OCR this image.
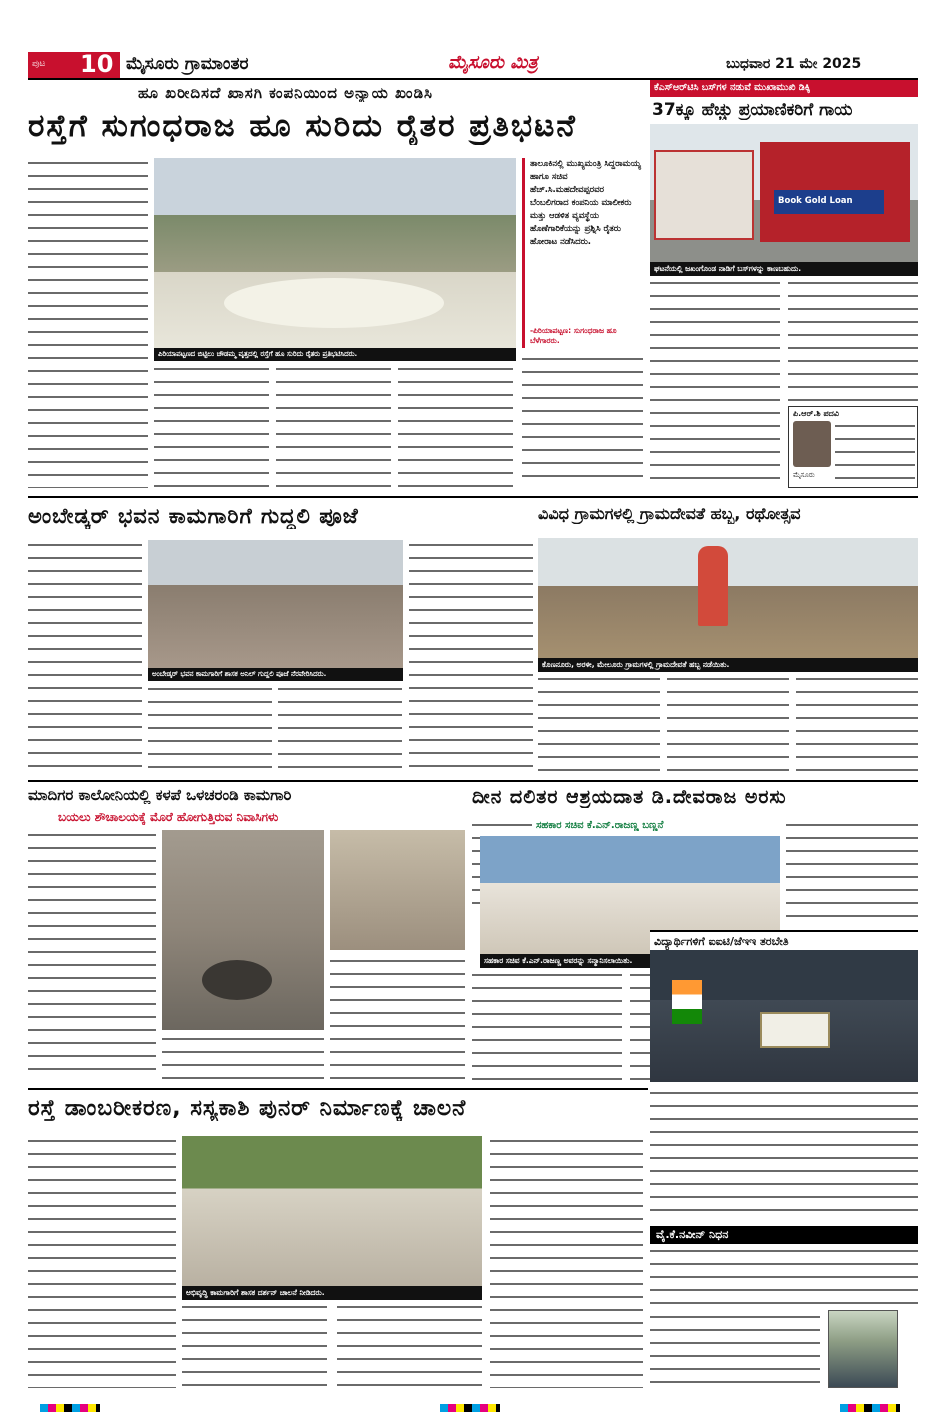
ಪುಟ 10 ಮೈಸೂರು ಗ್ರಾಮಾಂತರ	ಮೈಸೂರು ಮಿತ್ರ	ಬುಧವಾರ 21 ಮೇ 2025
ಹೂ ಖರೀದಿಸದೆ ಖಾಸಗಿ ಕಂಪನಿಯಿಂದ ಅನ್ಯಾಯ ಖಂಡಿಸಿ
ರಸ್ತೆಗೆ ಸುಗಂಧರಾಜ ಹೂ ಸುರಿದು ರೈತರ ಪ್ರತಿಭಟನೆ
ಪಿರಿಯಾಪಟ್ಟಣದ ಬಿಟ್ಟಿಲು ಚೌಡಮ್ಮ ವೃತ್ತದಲ್ಲಿ ರಸ್ತೆಗೆ ಹೂ ಸುರಿದು ರೈತರು ಪ್ರತಿಭಟಿಸಿದರು.
ತಾಲೂಕಿನಲ್ಲಿ ಮುಖ್ಯಮಂತ್ರಿ ಸಿದ್ದರಾಮಯ್ಯ ಹಾಗೂ ಸಚಿವ ಹೆಚ್.ಸಿ.ಮಹದೇವಪ್ಪರವರ ಬೆಂಬಲಿಗರಾದ ಕಂಪನಿಯ ಮಾಲೀಕರು ಮತ್ತು ಆಡಳಿತ ವ್ಯವಸ್ಥೆಯ ಹೊಣೆಗಾರಿಕೆಯನ್ನು ಪ್ರಶ್ನಿಸಿ ರೈತರು ಹೋರಾಟ ನಡೆಸಿದರು.
-ಪಿರಿಯಾಪಟ್ಟಣ: ಸುಗಂಧರಾಜ ಹೂ ಬೆಳೆಗಾರರು.
ಕೆಎಸ್‌ಆರ್‌ಟಿಸಿ ಬಸ್‌ಗಳ ನಡುವೆ ಮುಖಾಮುಖಿ ಡಿಕ್ಕಿ
37ಕ್ಕೂ ಹೆಚ್ಚು ಪ್ರಯಾಣಿಕರಿಗೆ ಗಾಯ
Book Gold Loan
ಘಟನೆಯಲ್ಲಿ ಜಖಂಗೊಂಡ ನಾಡಿಗೆ ಬಸ್‌ಗಳನ್ನು ಕಾಣಬಹುದು.
ಪಿ.ಆರ್.ಶಿ ಪದವಿ
ಮೈಸೂರು
ಅಂಬೇಡ್ಕರ್ ಭವನ ಕಾಮಗಾರಿಗೆ ಗುದ್ದಲಿ ಪೂಜೆ
ಅಂಬೇಡ್ಕರ್ ಭವನ ಕಾಮಗಾರಿಗೆ ಶಾಸಕ ಅನಿಲ್ ಗುದ್ದಲಿ ಪೂಜೆ ನೆರವೇರಿಸಿದರು.
ವಿವಿಧ ಗ್ರಾಮಗಳಲ್ಲಿ ಗ್ರಾಮದೇವತೆ ಹಬ್ಬ, ರಥೋತ್ಸವ
ಕೊಣನೂರು, ಅರಳೀ, ಮೇಲೂರು ಗ್ರಾಮಗಳಲ್ಲಿ ಗ್ರಾಮದೇವತೆ ಹಬ್ಬ ನಡೆಯಿತು.
ಮಾದಿಗರ ಕಾಲೋನಿಯಲ್ಲಿ ಕಳಪೆ ಒಳಚರಂಡಿ ಕಾಮಗಾರಿ
ಬಯಲು ಶೌಚಾಲಯಕ್ಕೆ ಮೊರೆ ಹೋಗುತ್ತಿರುವ ನಿವಾಸಿಗಳು
ದೀನ ದಲಿತರ ಆಶ್ರಯದಾತ ಡಿ.ದೇವರಾಜ ಅರಸು
ಸಹಕಾರ ಸಚಿವ ಕೆ.ಎನ್.ರಾಜಣ್ಣ ಬಣ್ಣನೆ
ಸಹಕಾರ ಸಚಿವ ಕೆ.ಎನ್.ರಾಜಣ್ಣ ಅವರನ್ನು ಸನ್ಮಾನಿಸಲಾಯಿತು.
ವಿದ್ಯಾರ್ಥಿಗಳಿಗೆ ಐಐಟಿ/ಜೆಇಇ ತರಬೇತಿ
ರಸ್ತೆ ಡಾಂಬರೀಕರಣ, ಸಸ್ಯಕಾಶಿ ಪುನರ್ ನಿರ್ಮಾಣಕ್ಕೆ ಚಾಲನೆ
ಅಭಿವೃದ್ಧಿ ಕಾಮಗಾರಿಗೆ ಶಾಸಕ ದರ್ಶನ್ ಚಾಲನೆ ನೀಡಿದರು.
ವೈ.ಕೆ.ನವೀನ್ ನಿಧನ
